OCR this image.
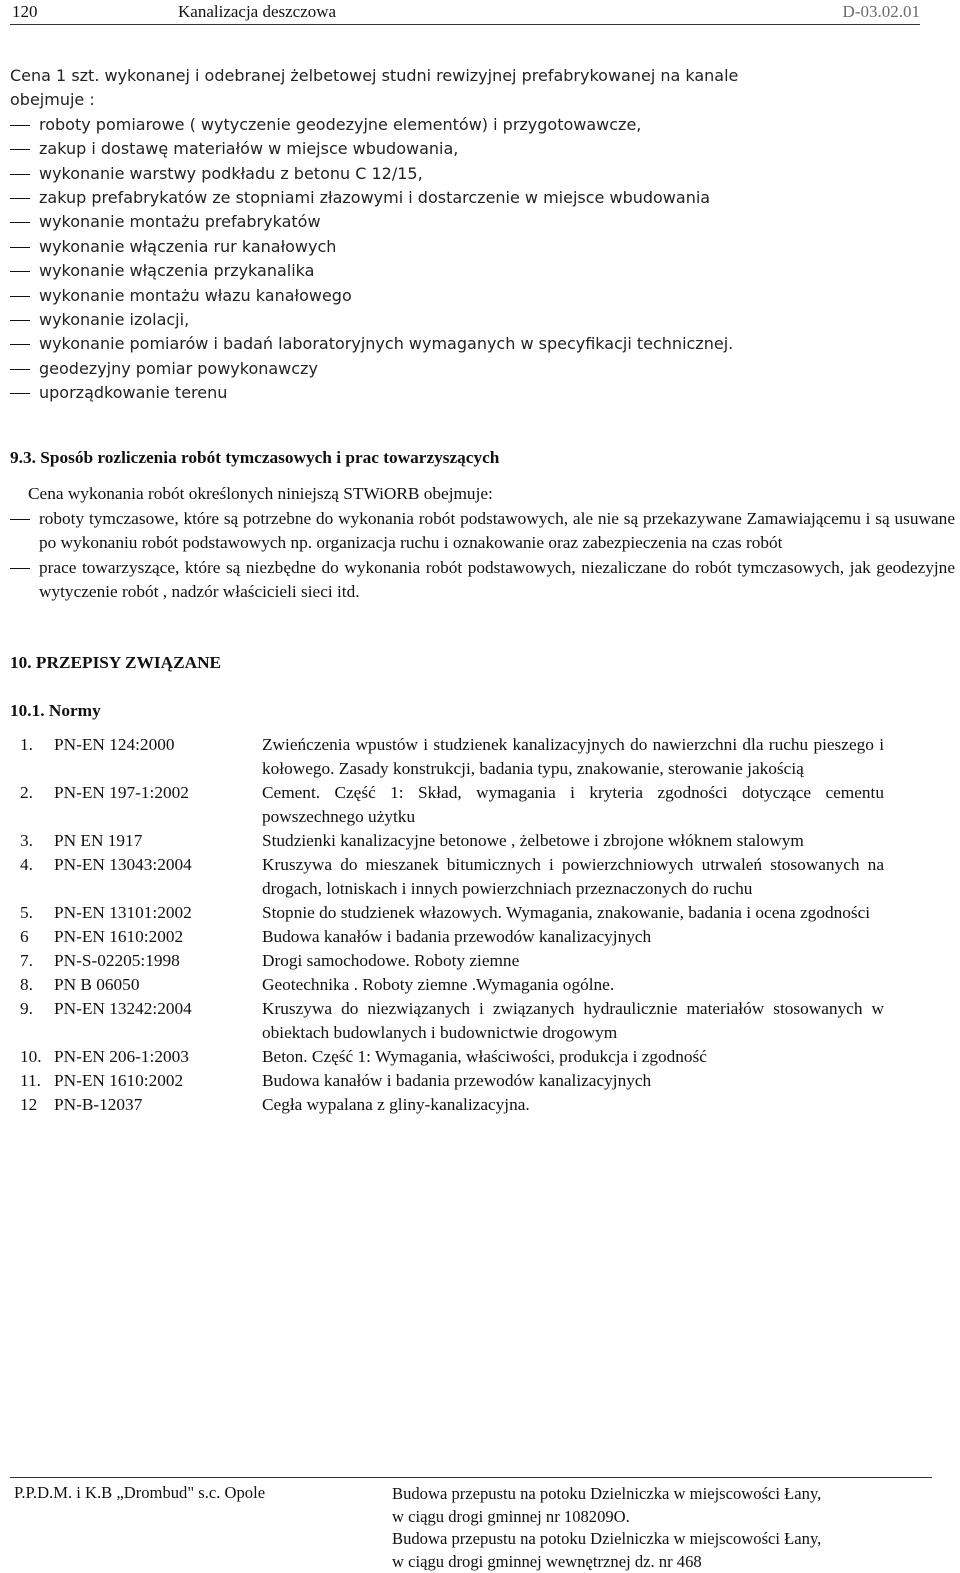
120	Kanalizacja deszczowa	D-03.02.01
Cena 1 szt. wykonanej i odebranej żelbetowej studni rewizyjnej prefabrykowanej na kanale
obejmuje :
roboty pomiarowe ( wytyczenie geodezyjne elementów) i przygotowawcze,
zakup i dostawę materiałów w miejsce wbudowania,
wykonanie warstwy podkładu z betonu C 12/15,
zakup prefabrykatów ze stopniami złazowymi i dostarczenie w miejsce wbudowania
wykonanie montażu prefabrykatów
wykonanie włączenia rur kanałowych
wykonanie włączenia przykanalika
wykonanie montażu włazu kanałowego
wykonanie izolacji,
wykonanie pomiarów i badań laboratoryjnych wymaganych w specyfikacji technicznej.
geodezyjny pomiar powykonawczy
uporządkowanie terenu
9.3. Sposób rozliczenia robót tymczasowych i prac towarzyszących
Cena wykonania robót określonych niniejszą STWiORB obejmuje:
roboty tymczasowe, które są potrzebne do wykonania robót podstawowych, ale nie są przekazywane Zamawiającemu i są usuwane po wykonaniu robót podstawowych np. organizacja ruchu i oznakowanie oraz zabezpieczenia na czas robót
prace towarzyszące, które są niezbędne do wykonania robót podstawowych, niezaliczane do robót tymczasowych, jak geodezyjne wytyczenie robót , nadzór właścicieli sieci itd.
10. PRZEPISY ZWIĄZANE
10.1. Normy
1.	PN-EN 124:2000	Zwieńczenia wpustów i studzienek kanalizacyjnych do nawierzchni dla ruchu pieszego i kołowego. Zasady konstrukcji, badania typu, znakowanie, sterowanie jakością
2.	PN-EN 197-1:2002	Cement. Część 1: Skład, wymagania i kryteria zgodności dotyczące cementu powszechnego użytku
3.	PN EN 1917	Studzienki kanalizacyjne betonowe , żelbetowe i zbrojone włóknem stalowym
4.	PN-EN 13043:2004	Kruszywa do mieszanek bitumicznych i powierzchniowych utrwaleń stosowanych na drogach, lotniskach i innych powierzchniach przeznaczonych do ruchu
5.	PN-EN 13101:2002	Stopnie do studzienek włazowych. Wymagania, znakowanie, badania i ocena zgodności
6	PN-EN 1610:2002	Budowa kanałów i badania przewodów kanalizacyjnych
7.	PN-S-02205:1998	Drogi samochodowe. Roboty ziemne
8.	PN B 06050	Geotechnika . Roboty ziemne .Wymagania ogólne.
9.	PN-EN 13242:2004	Kruszywa do niezwiązanych i związanych hydraulicznie materiałów stosowanych w obiektach budowlanych i budownictwie drogowym
10. PN-EN 206-1:2003	Beton. Część 1: Wymagania, właściwości, produkcja i zgodność
11. PN-EN 1610:2002	Budowa kanałów i badania przewodów kanalizacyjnych
12 PN-B-12037	Cegła wypalana z gliny-kanalizacyjna.
P.P.D.M. i K.B „Drombud" s.c. Opole	Budowa przepustu na potoku Dzielniczka w miejscowości Łany,
w ciągu drogi gminnej nr 108209O.
Budowa przepustu na potoku Dzielniczka w miejscowości Łany,
w ciągu drogi gminnej wewnętrznej dz. nr 468
